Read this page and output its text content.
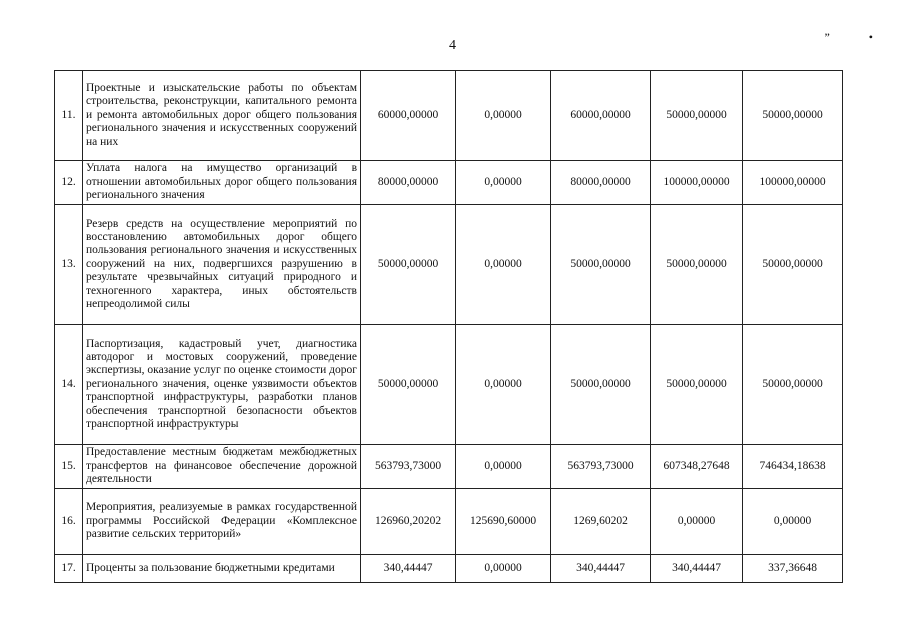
4
” •
11.	Проектные и изыскательские работы по объектам строительства, реконструкции, капитального ремонта и ремонта автомобильных дорог общего пользования регионального значения и искусственных сооружений на них	60000,00000	0,00000	60000,00000	50000,00000	50000,00000
12.	Уплата налога на имущество организаций в отношении автомобильных дорог общего пользования регионального значения	80000,00000	0,00000	80000,00000	100000,00000	100000,00000
13.	Резерв средств на осуществление мероприятий по восстановлению автомобильных дорог общего пользования регионального значения и искусственных сооружений на них, подвергшихся разрушению в результате чрезвычайных ситуаций природного и техногенного характера, иных обстоятельств непреодолимой силы	50000,00000	0,00000	50000,00000	50000,00000	50000,00000
14.	Паспортизация, кадастровый учет, диагностика автодорог и мостовых сооружений, проведение экспертизы, оказание услуг по оценке стоимости дорог регионального значения, оценке уязвимости объектов транспортной инфраструктуры, разработки планов обеспечения транспортной безопасности объектов транспортной инфраструктуры	50000,00000	0,00000	50000,00000	50000,00000	50000,00000
15.	Предоставление местным бюджетам межбюджетных трансфертов на финансовое обеспечение дорожной деятельности	563793,73000	0,00000	563793,73000	607348,27648	746434,18638
16.	Мероприятия, реализуемые в рамках государственной программы Российской Федерации «Комплексное развитие сельских территорий»	126960,20202	125690,60000	1269,60202	0,00000	0,00000
17.	Проценты за пользование бюджетными кредитами	340,44447	0,00000	340,44447	340,44447	337,36648
